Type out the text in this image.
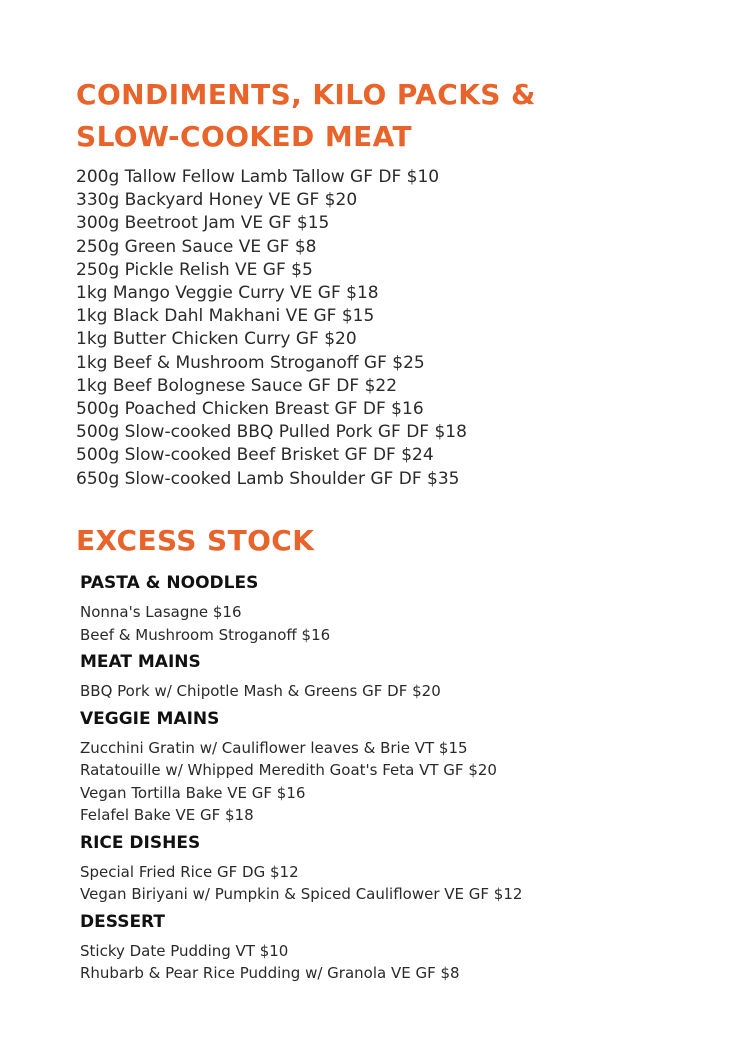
CONDIMENTS, KILO PACKS &
SLOW-COOKED MEAT
200g Tallow Fellow Lamb Tallow GF DF $10
330g Backyard Honey VE GF $20
300g Beetroot Jam VE GF $15
250g Green Sauce VE GF $8
250g Pickle Relish VE GF $5
1kg Mango Veggie Curry VE GF $18
1kg Black Dahl Makhani VE GF $15
1kg Butter Chicken Curry GF $20
1kg Beef & Mushroom Stroganoff GF $25
1kg Beef Bolognese Sauce GF DF $22
500g Poached Chicken Breast GF DF $16
500g Slow-cooked BBQ Pulled Pork GF DF $18
500g Slow-cooked Beef Brisket GF DF $24
650g Slow-cooked Lamb Shoulder GF DF $35
EXCESS STOCK
PASTA & NOODLES
Nonna's Lasagne $16
Beef & Mushroom Stroganoff $16
MEAT MAINS
BBQ Pork w/ Chipotle Mash & Greens GF DF $20
VEGGIE MAINS
Zucchini Gratin w/ Cauliflower leaves & Brie VT $15
Ratatouille w/ Whipped Meredith Goat's Feta VT GF $20
Vegan Tortilla Bake VE GF $16
Felafel Bake VE GF $18
RICE DISHES
Special Fried Rice GF DG $12
Vegan Biriyani w/ Pumpkin & Spiced Cauliflower VE GF $12
DESSERT
Sticky Date Pudding VT $10
Rhubarb & Pear Rice Pudding w/ Granola VE GF $8
